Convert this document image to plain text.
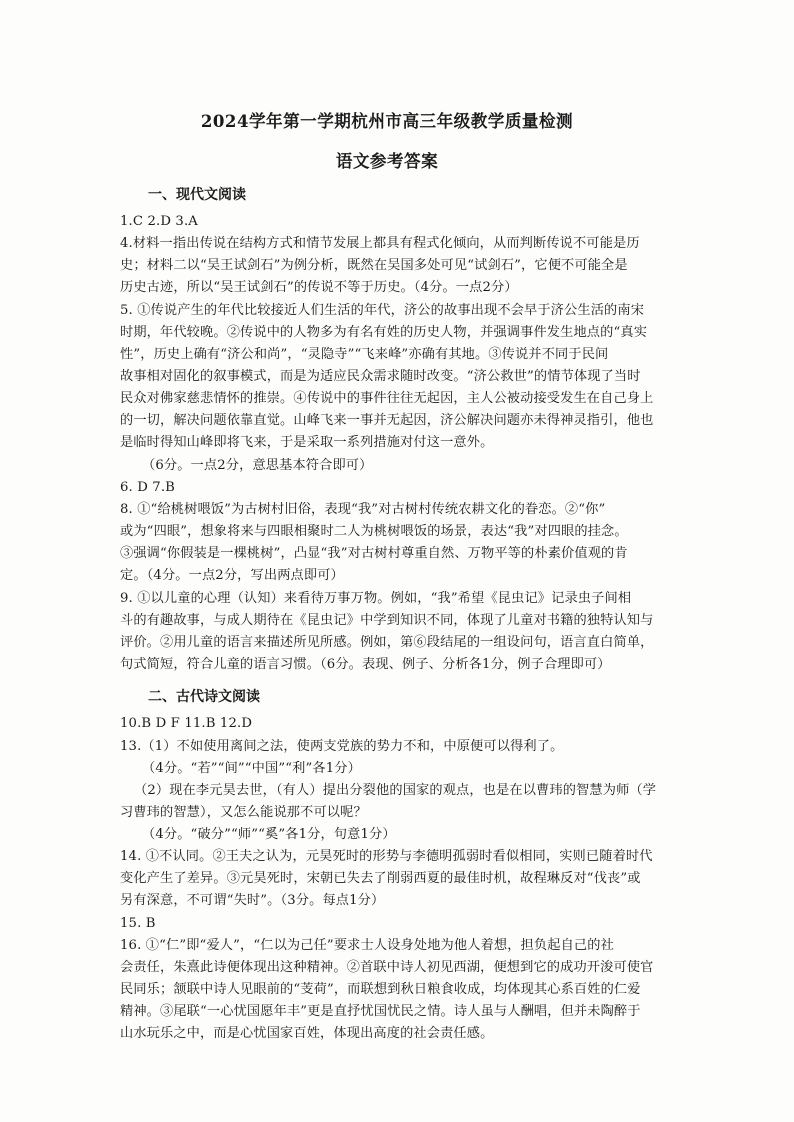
2024学年第一学期杭州市高三年级教学质量检测
语文参考答案
一、现代文阅读
1.C 2.D 3.A
4.材料一指出传说在结构方式和情节发展上都具有程式化倾向，从而判断传说不可能是历
史；材料二以“吴王试剑石”为例分析，既然在吴国多处可见“试剑石”，它便不可能全是
历史古迹，所以“吴王试剑石”的传说不等于历史。（4分。一点2分）
5. ①传说产生的年代比较接近人们生活的年代，济公的故事出现不会早于济公生活的南宋
时期，年代较晚。②传说中的人物多为有名有姓的历史人物，并强调事件发生地点的“真实
性”，历史上确有“济公和尚”，“灵隐寺”“飞来峰”亦确有其地。③传说并不同于民间
故事相对固化的叙事模式，而是为适应民众需求随时改变。“济公救世”的情节体现了当时
民众对佛家慈悲情怀的推崇。④传说中的事件往往无起因，主人公被动接受发生在自己身上
的一切，解决问题依靠直觉。山峰飞来一事并无起因，济公解决问题亦未得神灵指引，他也
是临时得知山峰即将飞来，于是采取一系列措施对付这一意外。
（6分。一点2分，意思基本符合即可）
6. D 7.B
8. ①“给桃树喂饭”为古树村旧俗，表现“我”对古树村传统农耕文化的眷恋。②“你”
或为“四眼”，想象将来与四眼相聚时二人为桃树喂饭的场景，表达“我”对四眼的挂念。
③强调“你假装是一棵桃树”，凸显“我”对古树村尊重自然、万物平等的朴素价值观的肯
定。（4分。一点2分，写出两点即可）
9. ①以儿童的心理（认知）来看待万事万物。例如，“我”希望《昆虫记》记录虫子间相
斗的有趣故事，与成人期待在《昆虫记》中学到知识不同，体现了儿童对书籍的独特认知与
评价。②用儿童的语言来描述所见所感。例如，第⑥段结尾的一组设问句，语言直白简单，
句式简短，符合儿童的语言习惯。（6分。表现、例子、分析各1分，例子合理即可）
二、古代诗文阅读
10.B D F 11.B 12.D
13.（1）不如使用离间之法，使两支党族的势力不和，中原便可以得利了。
（4分。“若”“间”“中国”“利”各1分）
（2）现在李元昊去世，（有人）提出分裂他的国家的观点，也是在以曹玮的智慧为师（学
习曹玮的智慧），又怎么能说那不可以呢？
（4分。“破分”“师”“奚”各1分，句意1分）
14. ①不认同。②王夫之认为，元昊死时的形势与李德明孤弱时看似相同，实则已随着时代
变化产生了差异。③元昊死时，宋朝已失去了削弱西夏的最佳时机，故程琳反对“伐丧”或
另有深意，不可谓“失时”。（3分。每点1分）
15. B
16. ①“仁”即“爱人”，“仁以为己任”要求士人设身处地为他人着想，担负起自己的社
会责任，朱熹此诗便体现出这种精神。②首联中诗人初见西湖，便想到它的成功开浚可使官
民同乐；颔联中诗人见眼前的“芰荷”，而联想到秋日粮食收成，均体现其心系百姓的仁爱
精神。③尾联“一心忧国愿年丰”更是直抒忧国忧民之情。诗人虽与人酬唱，但并未陶醉于
山水玩乐之中，而是心忧国家百姓，体现出高度的社会责任感。
